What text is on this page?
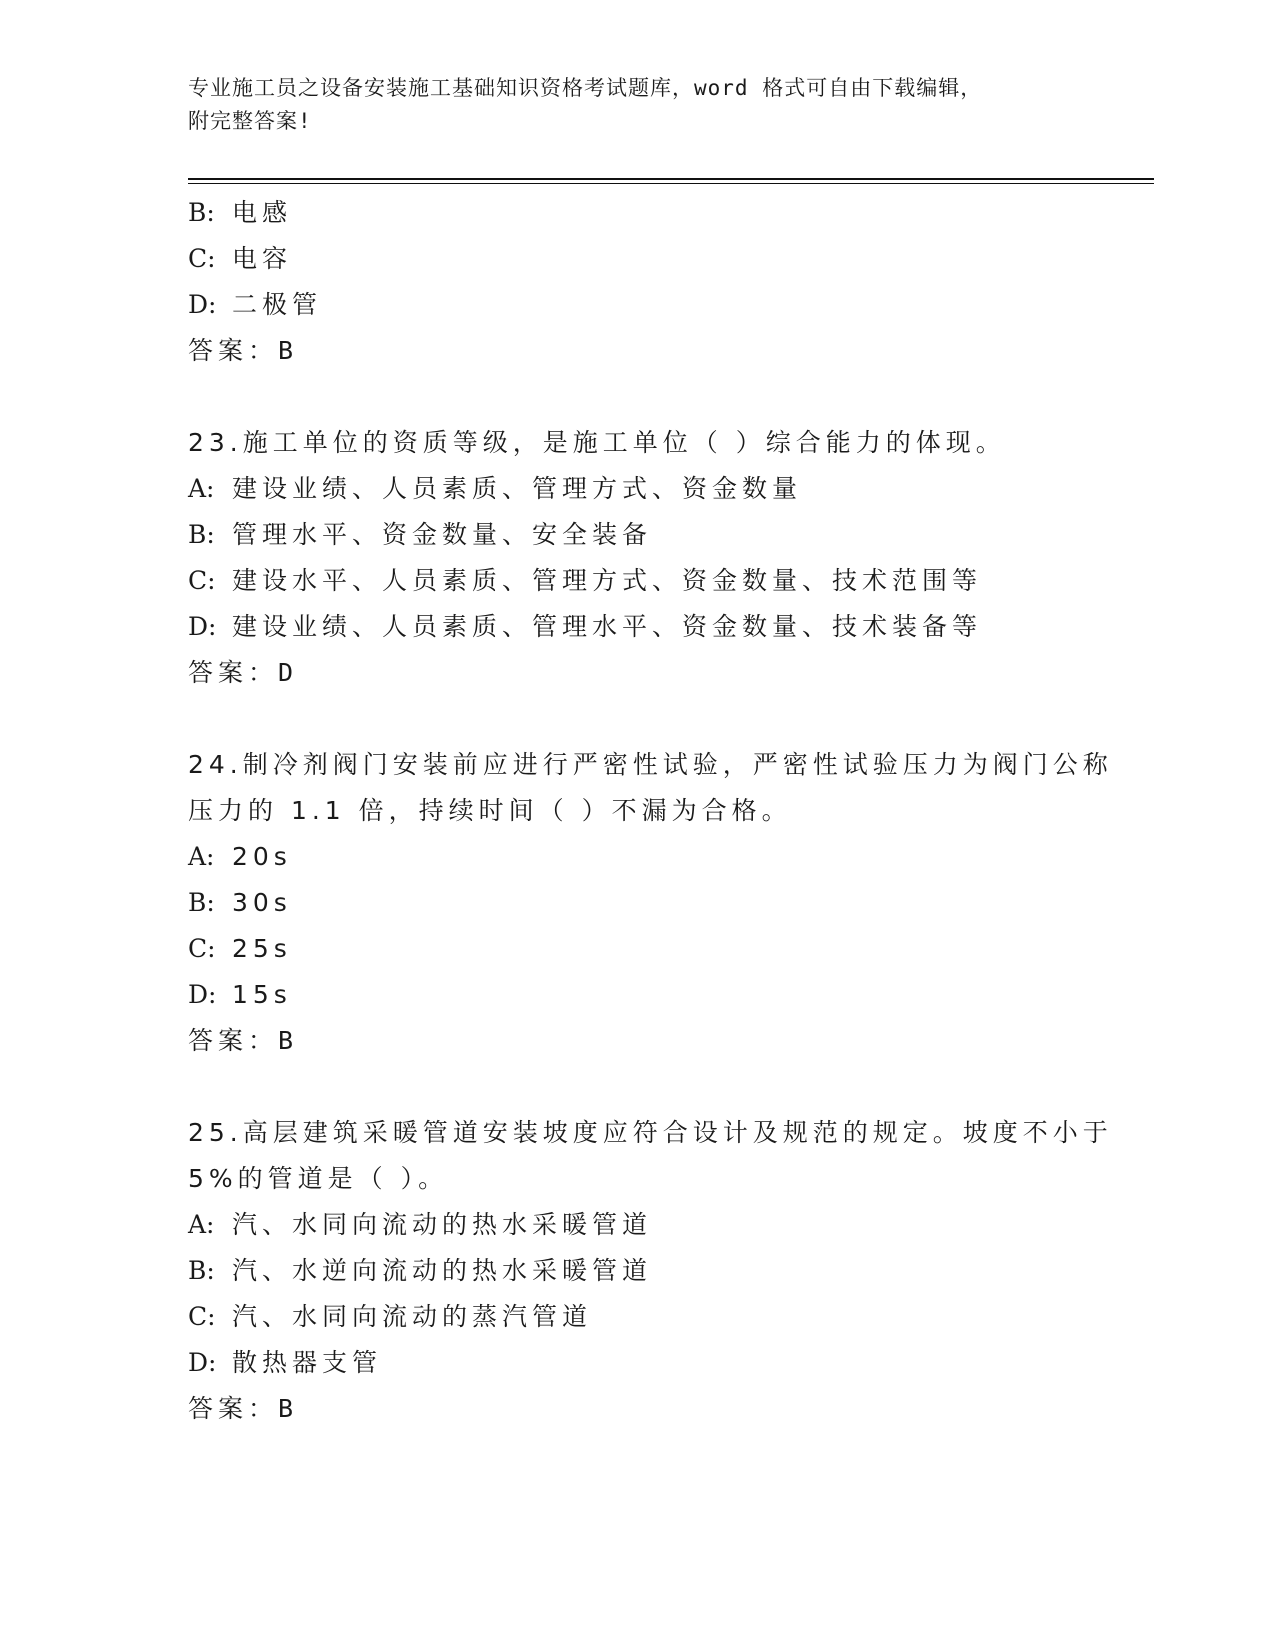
专业施工员之设备安装施工基础知识资格考试题库，word 格式可自由下载编辑，
附完整答案!
B: 电感
C: 电容
D: 二极管
答案：B
23.施工单位的资质等级，是施工单位（ ）综合能力的体现。
A: 建设业绩、人员素质、管理方式、资金数量
B: 管理水平、资金数量、安全装备
C: 建设水平、人员素质、管理方式、资金数量、技术范围等
D: 建设业绩、人员素质、管理水平、资金数量、技术装备等
答案：D
24.制冷剂阀门安装前应进行严密性试验，严密性试验压力为阀门公称
压力的 1.1 倍，持续时间（ ）不漏为合格。
A: 20s
B: 30s
C: 25s
D: 15s
答案：B
25.高层建筑采暖管道安装坡度应符合设计及规范的规定。坡度不小于
5%的管道是（ ）。
A: 汽、水同向流动的热水采暖管道
B: 汽、水逆向流动的热水采暖管道
C: 汽、水同向流动的蒸汽管道
D: 散热器支管
答案：B
